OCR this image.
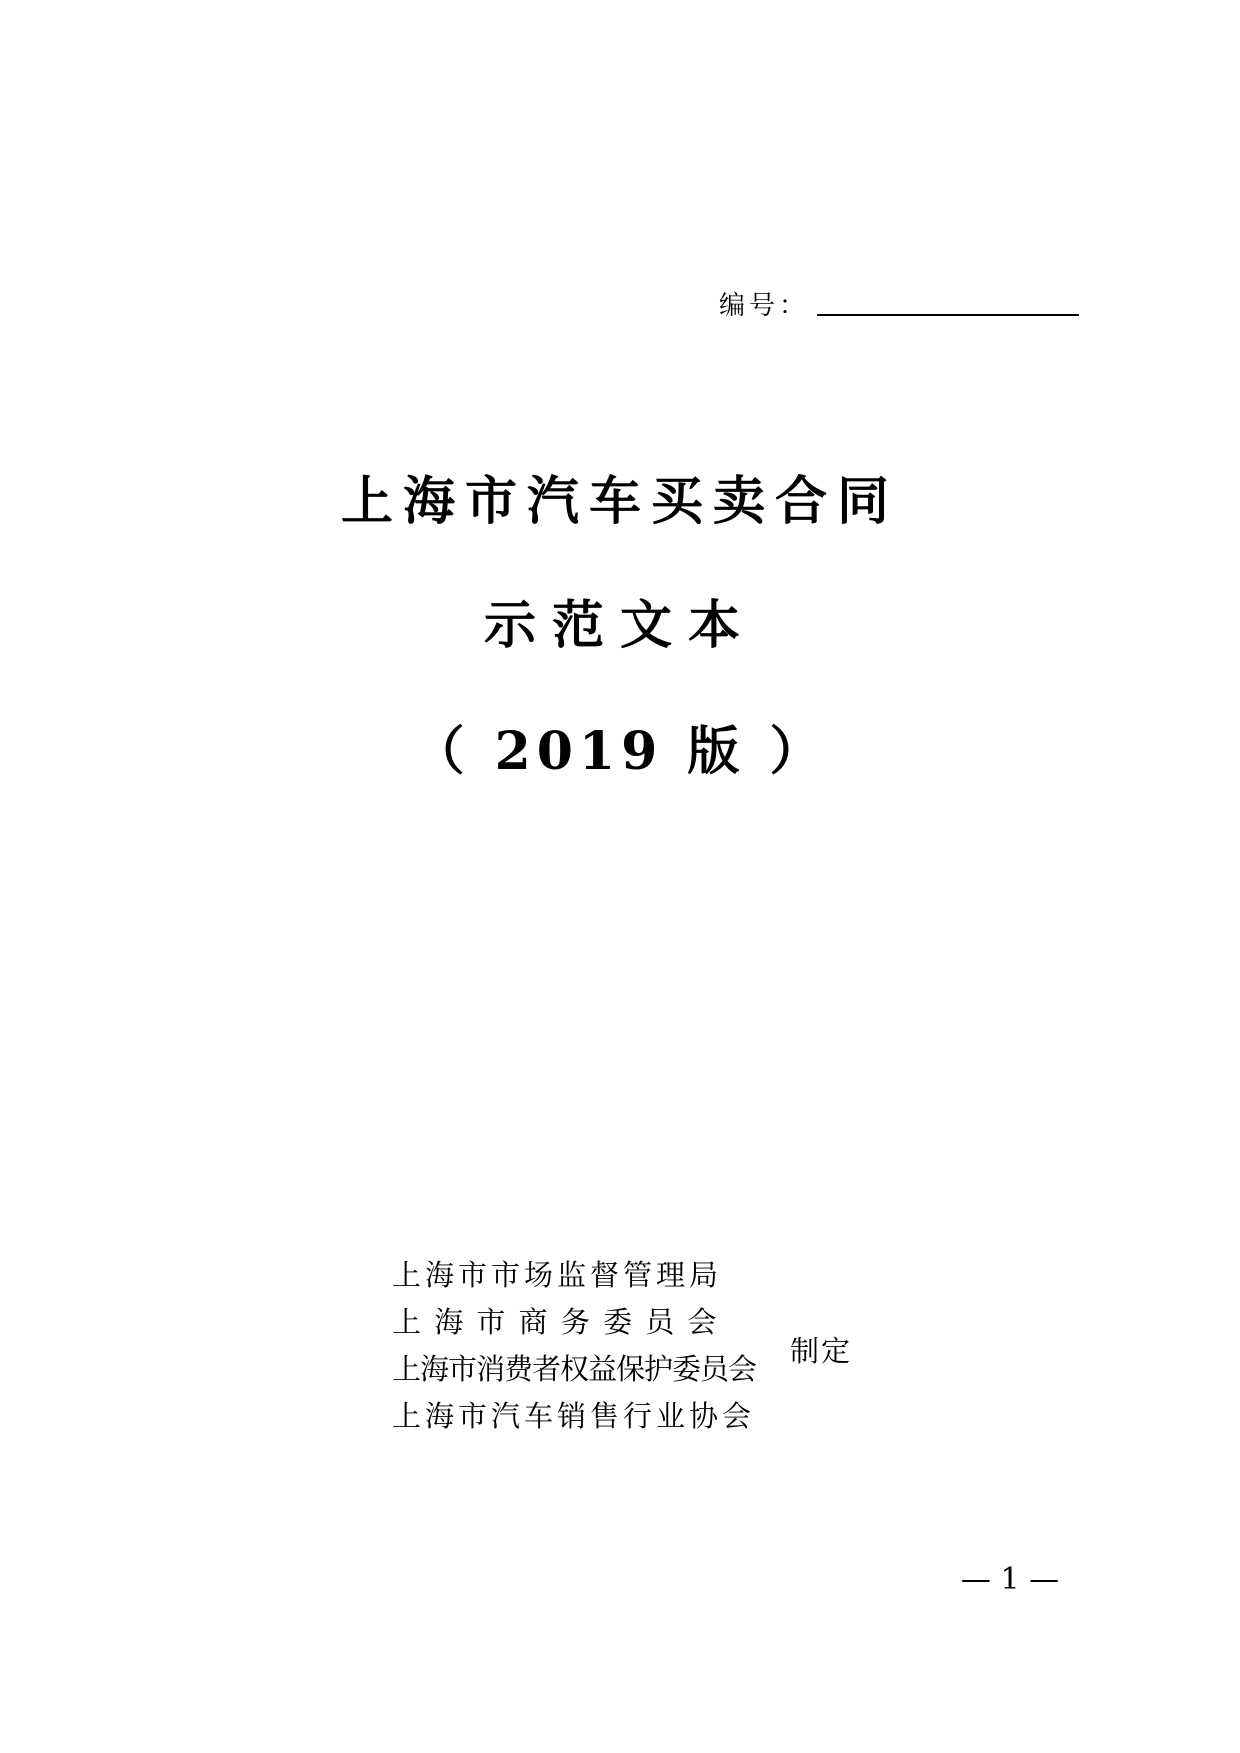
编号：
上海市汽车买卖合同
示范文本
（ 2019 版 ）
上海市市场监督管理局
上 海 市 商 务 委 员 会
上海市消费者权益保护委员会
上海市汽车销售行业协会
制定
— 1 —
